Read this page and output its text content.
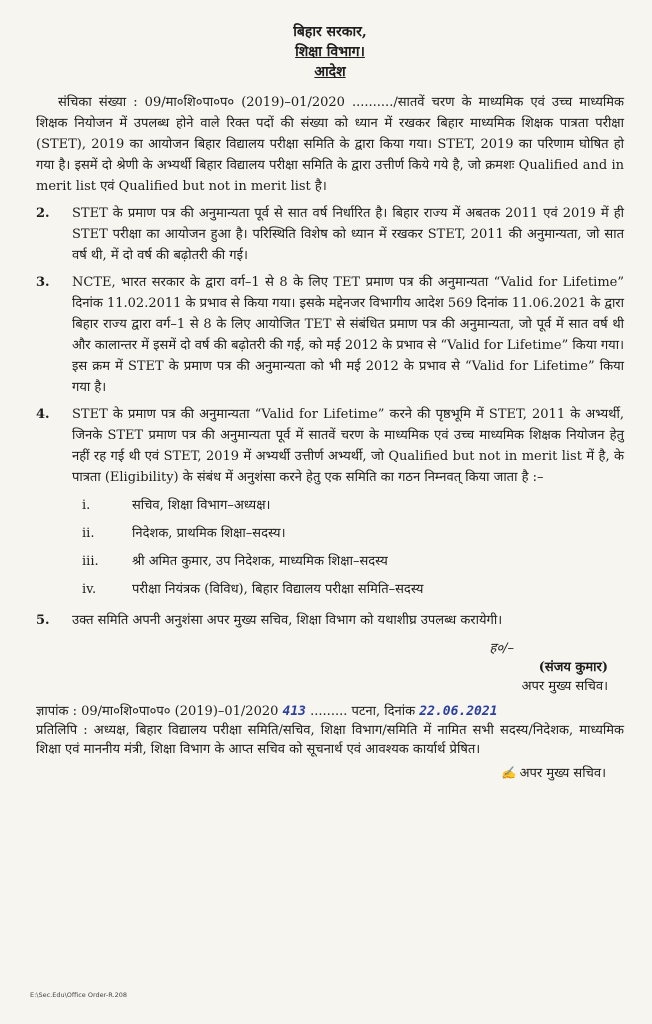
बिहार सरकार,
शिक्षा विभाग।
आदेश

संचिका संख्या : 09/मा०शि०पा०प० (2019)–01/2020 ........../सातवें चरण के माध्यमिक एवं उच्च माध्यमिक शिक्षक नियोजन में उपलब्ध होने वाले रिक्त पदों की संख्या को ध्यान में रखकर बिहार माध्यमिक शिक्षक पात्रता परीक्षा (STET), 2019 का आयोजन बिहार विद्यालय परीक्षा समिति के द्वारा किया गया। STET, 2019 का परिणाम घोषित हो गया है। इसमें दो श्रेणी के अभ्यर्थी बिहार विद्यालय परीक्षा समिति के द्वारा उत्तीर्ण किये गये है, जो क्रमशः Qualified and in merit list एवं Qualified but not in merit list है।

2.	STET के प्रमाण पत्र की अनुमान्यता पूर्व से सात वर्ष निर्धारित है। बिहार राज्य में अबतक 2011 एवं 2019 में ही STET परीक्षा का आयोजन हुआ है। परिस्थिति विशेष को ध्यान में रखकर STET, 2011 की अनुमान्यता, जो सात वर्ष थी, में दो वर्ष की बढ़ोतरी की गई।
3.	NCTE, भारत सरकार के द्वारा वर्ग–1 से 8 के लिए TET प्रमाण पत्र की अनुमान्यता “Valid for Lifetime” दिनांक 11.02.2011 के प्रभाव से किया गया। इसके मद्देनजर विभागीय आदेश 569 दिनांक 11.06.2021 के द्वारा बिहार राज्य द्वारा वर्ग–1 से 8 के लिए आयोजित TET से संबंधित प्रमाण पत्र की अनुमान्यता, जो पूर्व में सात वर्ष थी और कालान्तर में इसमें दो वर्ष की बढ़ोतरी की गई, को मई 2012 के प्रभाव से “Valid for Lifetime” किया गया। इस क्रम में STET के प्रमाण पत्र की अनुमान्यता को भी मई 2012 के प्रभाव से “Valid for Lifetime” किया गया है।
4.	STET के प्रमाण पत्र की अनुमान्यता “Valid for Lifetime” करने की पृष्ठभूमि में STET, 2011 के अभ्यर्थी, जिनके STET प्रमाण पत्र की अनुमान्यता पूर्व में सातवें चरण के माध्यमिक एवं उच्च माध्यमिक शिक्षक नियोजन हेतु नहीं रह गई थी एवं STET, 2019 में अभ्यर्थी उत्तीर्ण अभ्यर्थी, जो Qualified but not in merit list में है, के पात्रता (Eligibility) के संबंध में अनुशंसा करने हेतु एक समिति का गठन निम्नवत् किया जाता है :–
i.	सचिव, शिक्षा विभाग–अध्यक्ष।
ii.	निदेशक, प्राथमिक शिक्षा–सदस्य।
iii.	श्री अमित कुमार, उप निदेशक, माध्यमिक शिक्षा–सदस्य
iv.	परीक्षा नियंत्रक (विविध), बिहार विद्यालय परीक्षा समिति–सदस्य
5.	उक्त समिति अपनी अनुशंसा अपर मुख्य सचिव, शिक्षा विभाग को यथाशीघ्र उपलब्ध करायेगी।
ह०/–
(संजय कुमार)
अपर मुख्य सचिव।
ज्ञापांक : 09/मा०शि०पा०प० (2019)–01/2020 413 ......... पटना, दिनांक 22.06.2021

प्रतिलिपि : अध्यक्ष, बिहार विद्यालय परीक्षा समिति/सचिव, शिक्षा विभाग/समिति में नामित सभी सदस्य/निदेशक, माध्यमिक शिक्षा एवं माननीय मंत्री, शिक्षा विभाग के आप्त सचिव को सूचनार्थ एवं आवश्यक कार्यार्थ प्रेषित।

✍ अपर मुख्य सचिव।
E:\Sec.Edu\Office Order-R.208
